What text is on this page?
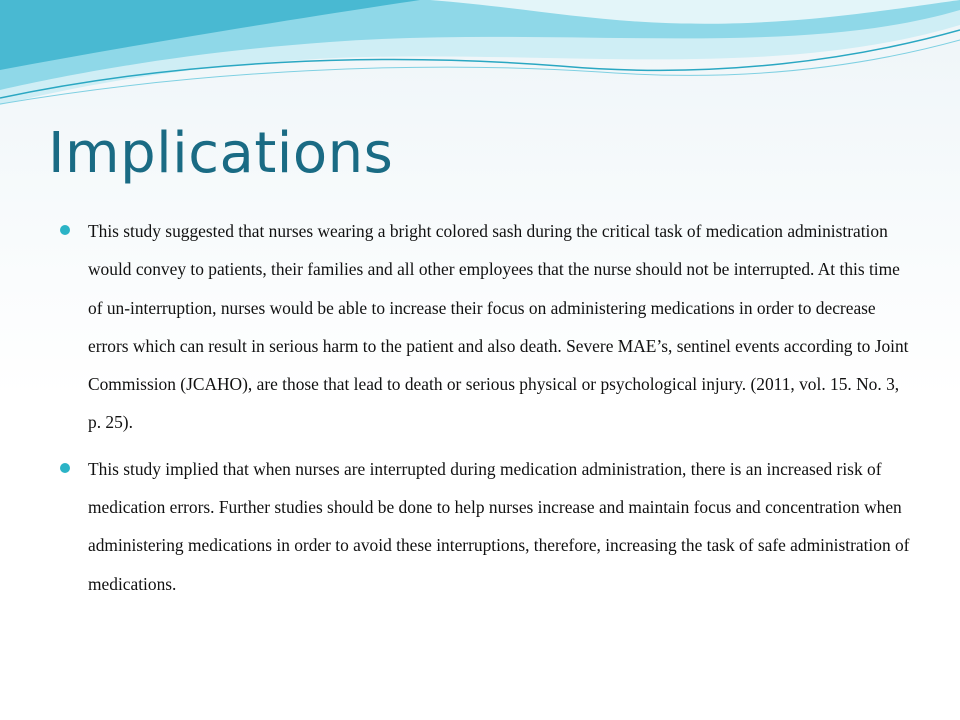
Implications
This study suggested that nurses wearing a bright colored sash during the critical task of medication administration would convey to patients, their families and all other employees that the nurse should not be interrupted. At this time of un-interruption, nurses would be able to increase their focus on administering medications in order to decrease errors which can result in serious harm to the patient and also death. Severe MAE’s, sentinel events according to Joint Commission (JCAHO), are those that lead to death or serious physical or psychological injury. (2011, vol. 15. No. 3, p. 25).
This study implied that when nurses are interrupted during medication administration, there is an increased risk of medication errors. Further studies should be done to help nurses increase and maintain focus and concentration when administering medications in order to avoid these interruptions, therefore, increasing the task of safe administration of medications.
